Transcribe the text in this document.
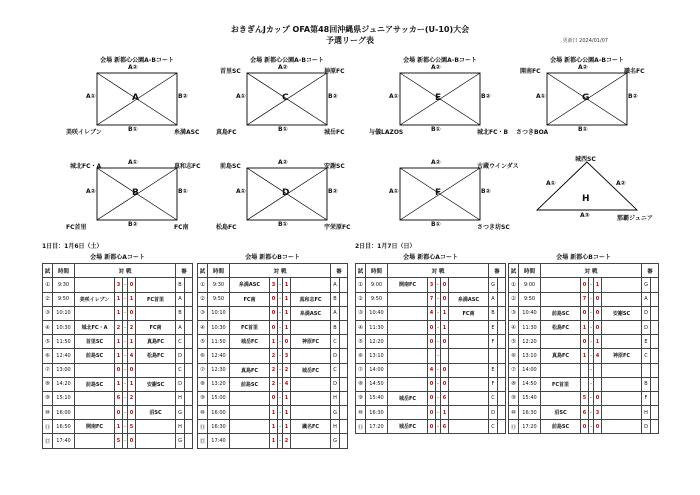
おきぎんJカップ OFA第48回沖縄県ジュニアサッカー(U-10)大会
予選リーグ表	更新日 2024/01/07
会場 新都心公園A-Bコート
美咲イレブン	糸満ASC
A
A①	B②
A②
B①
会場 新都心公園A-Bコート
首里SC	神原FC
真島FC	城岳FC
C
A①	B②
A②
B①
会場 新都心公園A-Bコート
与儀LAZOS	城北FC・B
E
A①	B②
A②
B①
会場 新都心公園A-Bコート
開南FC	識名FC
さつきBOA
G
A①	B②
A②
B①
城北FC・A	真和志FC
FC首里	FC南
B
A②	B①
A①
B②
前島SC	安謝SC
松島FC	宇栄原FC
D
A①	B②
A②
B①
古蔵ウインダス
さつき坊SC
F
A①	B②
A②
B①
城西SC
那覇ジュニア
H
A①	A②
A③
1日目：1月6日（土）	2日目：1月7日（日）
会場 新都心Aコート								
試	時間	対 戦					審	
①	9:30		3	-	0		B	
②	9:50	美咲イレブン	1	-	1	FC首里	A	
③	10:10		1	-	0		B	
④	10:30	城北FC・A	2	-	2	FC南	A	
⑤	11:50	首里SC	1	-	1	真島FC	C	
⑥	12:40	前島SC	1	-	4	松島FC	D	
⑦	13:00		0	-	0		C	
⑧	14:20	前島SC	1	-	1	安謝SC	D	
⑨	15:10		6	-	2		H	
⑩	16:00		0	-	0	沼SC	G	
⑪	16:50	開南FC	1	-	5		H	
⑫	17:40		5	-	0		G	
会場 新都心Bコート								
試	時間	対 戦					審	
①	9:30	糸満ASC	3	-	1		A	
②	9:50	FC南	0	-	1	真和志FC	B	
③	10:10		0	-	1	糸満ASC	A	
④	10:30	FC首里	0	-	1		B	
⑤	11:50	城岳FC	1	-	0	神原FC	C	
⑥	12:40		2	-	3		D	
⑦	12:30	真島FC	2	-	2	城岳FC	C	
⑧	13:20	前島SC	2	-	4		D	
⑨	15:00		0	-	1		H	
⑩	16:00		1	-	1		G	
⑪	16:30		1	-	1	識名FC	H	
⑫	17:40		1	-	2		G	
会場 新都心Aコート								
試	時間	対 戦					審	
①	9:00	開南FC	3	-	0		G	
②	9:50		7	-	0	糸満ASC	A	
③	10:40		4	-	1	FC南	B	
④	11:30		0	-	1		E	
⑤	12:20		0	-	0		F	
⑥	13:10			-				
⑦	14:00		4	-	0		E	
⑧	14:50		0	-	0		F	
⑨	15:40	城岳FC	0	-	6		C	
⑩	16:30		0	-	1		D	
⑪	17:20	城岳FC	0	-	6		C	
会場 新都心Bコート								
試	時間	対 戦					審	
①	9:00		0	-	1		G	
②	9:50		7	-	0		A	
③	10:40	前島SC	0	-	0	安謝SC	D	
④	11:30	松島FC	1	-	0		D	
⑤	12:20		0	-	1		E	
⑥	13:10	真島FC	1	-	4	神原FC	C	
⑦	14:00			-				
⑧	14:50	FC首里		-			B	
⑨	15:40		5	-	0		F	
⑩	16:30	沼SC	6	-	3		H	
⑪	17:20	前島SC	0	-	0		D	
